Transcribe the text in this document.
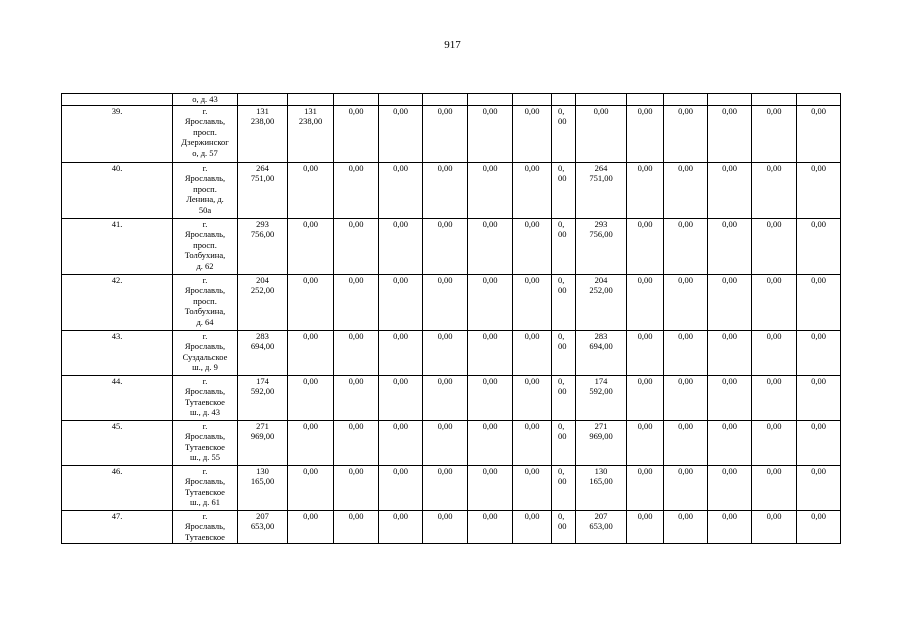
917
	о, д. 43														
39.	г.
Ярославль,
просп.
Дзержинског
о, д. 57	131
238,00	131
238,00	0,00	0,00	0,00	0,00	0,00	0,
00	0,00	0,00	0,00	0,00	0,00	0,00
40.	г.
Ярославль,
просп.
Ленина, д.
50а	264
751,00	0,00	0,00	0,00	0,00	0,00	0,00	0,
00	264
751,00	0,00	0,00	0,00	0,00	0,00
41.	г.
Ярославль,
просп.
Толбухина,
д. 62	293
756,00	0,00	0,00	0,00	0,00	0,00	0,00	0,
00	293
756,00	0,00	0,00	0,00	0,00	0,00
42.	г.
Ярославль,
просп.
Толбухина,
д. 64	204
252,00	0,00	0,00	0,00	0,00	0,00	0,00	0,
00	204
252,00	0,00	0,00	0,00	0,00	0,00
43.	г.
Ярославль,
Суздальское
ш., д. 9	283
694,00	0,00	0,00	0,00	0,00	0,00	0,00	0,
00	283
694,00	0,00	0,00	0,00	0,00	0,00
44.	г.
Ярославль,
Тутаевское
ш., д. 43	174
592,00	0,00	0,00	0,00	0,00	0,00	0,00	0,
00	174
592,00	0,00	0,00	0,00	0,00	0,00
45.	г.
Ярославль,
Тутаевское
ш., д. 55	271
969,00	0,00	0,00	0,00	0,00	0,00	0,00	0,
00	271
969,00	0,00	0,00	0,00	0,00	0,00
46.	г.
Ярославль,
Тутаевское
ш., д. 61	130
165,00	0,00	0,00	0,00	0,00	0,00	0,00	0,
00	130
165,00	0,00	0,00	0,00	0,00	0,00
47.	г.
Ярославль,
Тутаевское	207
653,00	0,00	0,00	0,00	0,00	0,00	0,00	0,
00	207
653,00	0,00	0,00	0,00	0,00	0,00
